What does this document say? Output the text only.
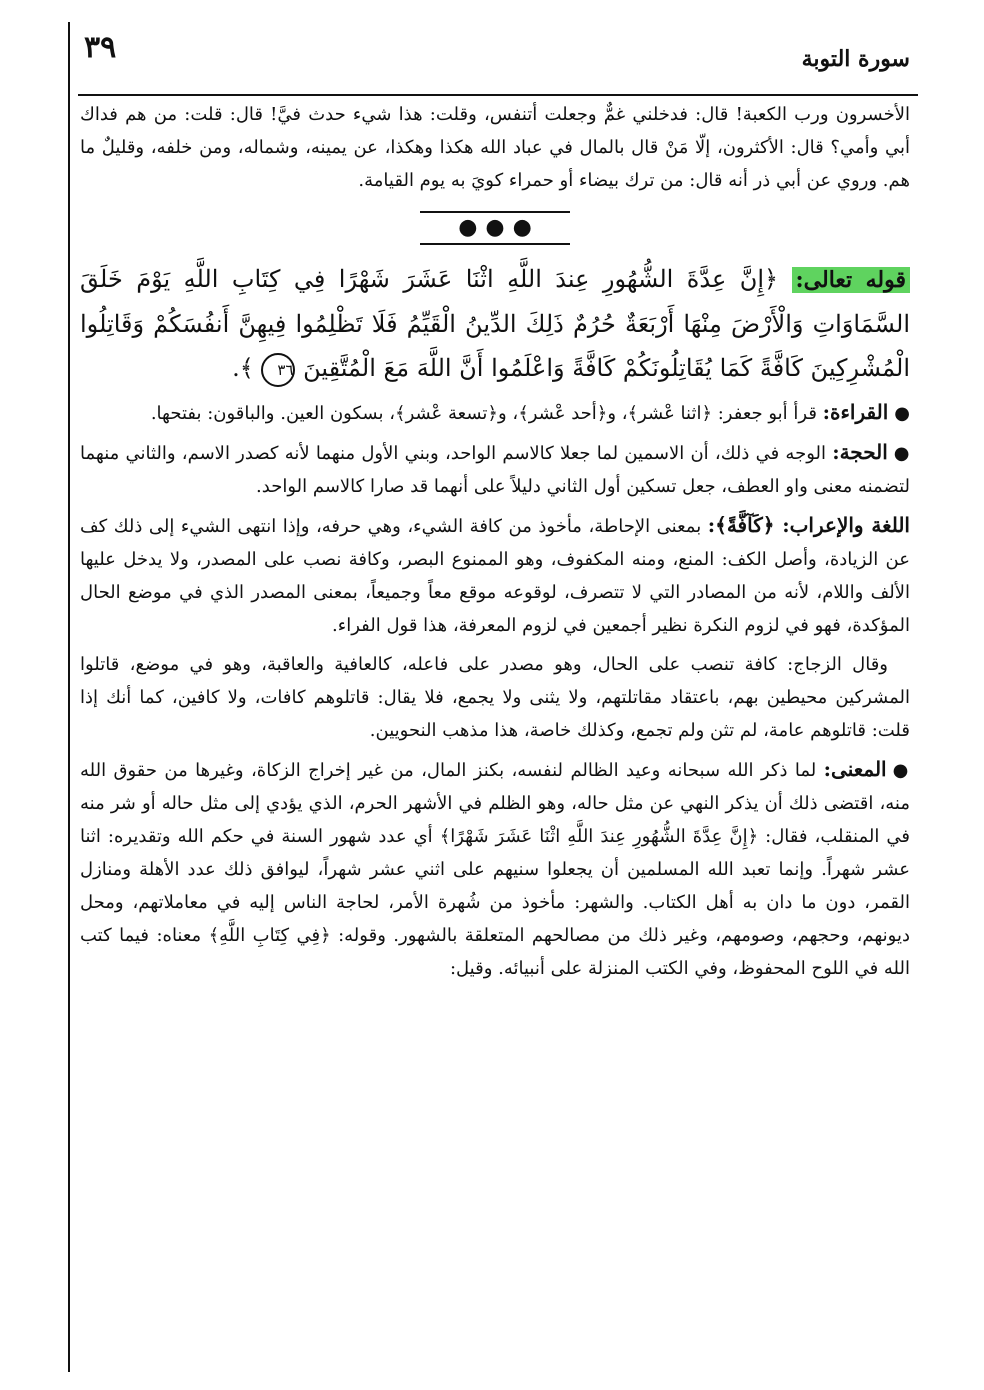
سورة التوبة
٣٩

الأخسرون ورب الكعبة! قال: فدخلني غمٌّ وجعلت أتنفس، وقلت: هذا شيء حدث فيَّ! قال: قلت: من هم فداك أبي وأمي؟ قال: الأكثرون، إلّا مَنْ قال بالمال في عباد الله هكذا وهكذا، عن يمينه، وشماله، ومن خلفه، وقليلٌ ما هم. وروي عن أبي ذر أنه قال: من ترك بيضاء أو حمراء كويَ به يوم القيامة.

●●●

قوله تعالى: ﴿إِنَّ عِدَّةَ الشُّهُورِ عِندَ اللَّهِ اثْنَا عَشَرَ شَهْرًا فِي كِتَابِ اللَّهِ يَوْمَ خَلَقَ السَّمَاوَاتِ وَالْأَرْضَ مِنْهَا أَرْبَعَةٌ حُرُمٌ ذَلِكَ الدِّينُ الْقَيِّمُ فَلَا تَظْلِمُوا فِيهِنَّ أَنفُسَكُمْ وَقَاتِلُوا الْمُشْرِكِينَ كَافَّةً كَمَا يُقَاتِلُونَكُمْ كَافَّةً وَاعْلَمُوا أَنَّ اللَّهَ مَعَ الْمُتَّقِينَ ٣٦ ﴾.

●القراءة: قرأ أبو جعفر: ﴿اثنا عْشر﴾، و﴿أحد عْشر﴾، و﴿تسعة عْشر﴾، بسكون العين. والباقون: بفتحها.

●الحجة: الوجه في ذلك، أن الاسمين لما جعلا كالاسم الواحد، وبني الأول منهما لأنه كصدر الاسم، والثاني منهما لتضمنه معنى واو العطف، جعل تسكين أول الثاني دليلاً على أنهما قد صارا كالاسم الواحد.

اللغة والإعراب: ﴿كَآفَّةً﴾: بمعنى الإحاطة، مأخوذ من كافة الشيء، وهي حرفه، وإذا انتهى الشيء إلى ذلك كف عن الزيادة، وأصل الكف: المنع، ومنه المكفوف، وهو الممنوع البصر، وكافة نصب على المصدر، ولا يدخل عليها الألف واللام، لأنه من المصادر التي لا تتصرف، لوقوعه موقع معاً وجميعاً، بمعنى المصدر الذي في موضع الحال المؤكدة، فهو في لزوم النكرة نظير أجمعين في لزوم المعرفة، هذا قول الفراء.

وقال الزجاج: كافة تنصب على الحال، وهو مصدر على فاعله، كالعافية والعاقبة، وهو في موضع، قاتلوا المشركين محيطين بهم، باعتقاد مقاتلتهم، ولا يثنى ولا يجمع، فلا يقال: قاتلوهم كافات، ولا كافين، كما أنك إذا قلت: قاتلوهم عامة، لم تثن ولم تجمع، وكذلك خاصة، هذا مذهب النحويين.

●المعنى: لما ذكر الله سبحانه وعيد الظالم لنفسه، بكنز المال، من غير إخراج الزكاة، وغيرها من حقوق الله منه، اقتضى ذلك أن يذكر النهي عن مثل حاله، وهو الظلم في الأشهر الحرم، الذي يؤدي إلى مثل حاله أو شر منه في المنقلب، فقال: ﴿إِنَّ عِدَّةَ الشُّهُورِ عِندَ اللَّهِ اثْنَا عَشَرَ شَهْرًا﴾ أي عدد شهور السنة في حكم الله وتقديره: اثنا عشر شهراً. وإنما تعبد الله المسلمين أن يجعلوا سنيهم على اثني عشر شهراً، ليوافق ذلك عدد الأهلة ومنازل القمر، دون ما دان به أهل الكتاب. والشهر: مأخوذ من شُهرة الأمر، لحاجة الناس إليه في معاملاتهم، ومحل ديونهم، وحجهم، وصومهم، وغير ذلك من مصالحهم المتعلقة بالشهور. وقوله: ﴿فِي كِتَابِ اللَّهِ﴾ معناه: فيما كتب الله في اللوح المحفوظ، وفي الكتب المنزلة على أنبيائه. وقيل:
